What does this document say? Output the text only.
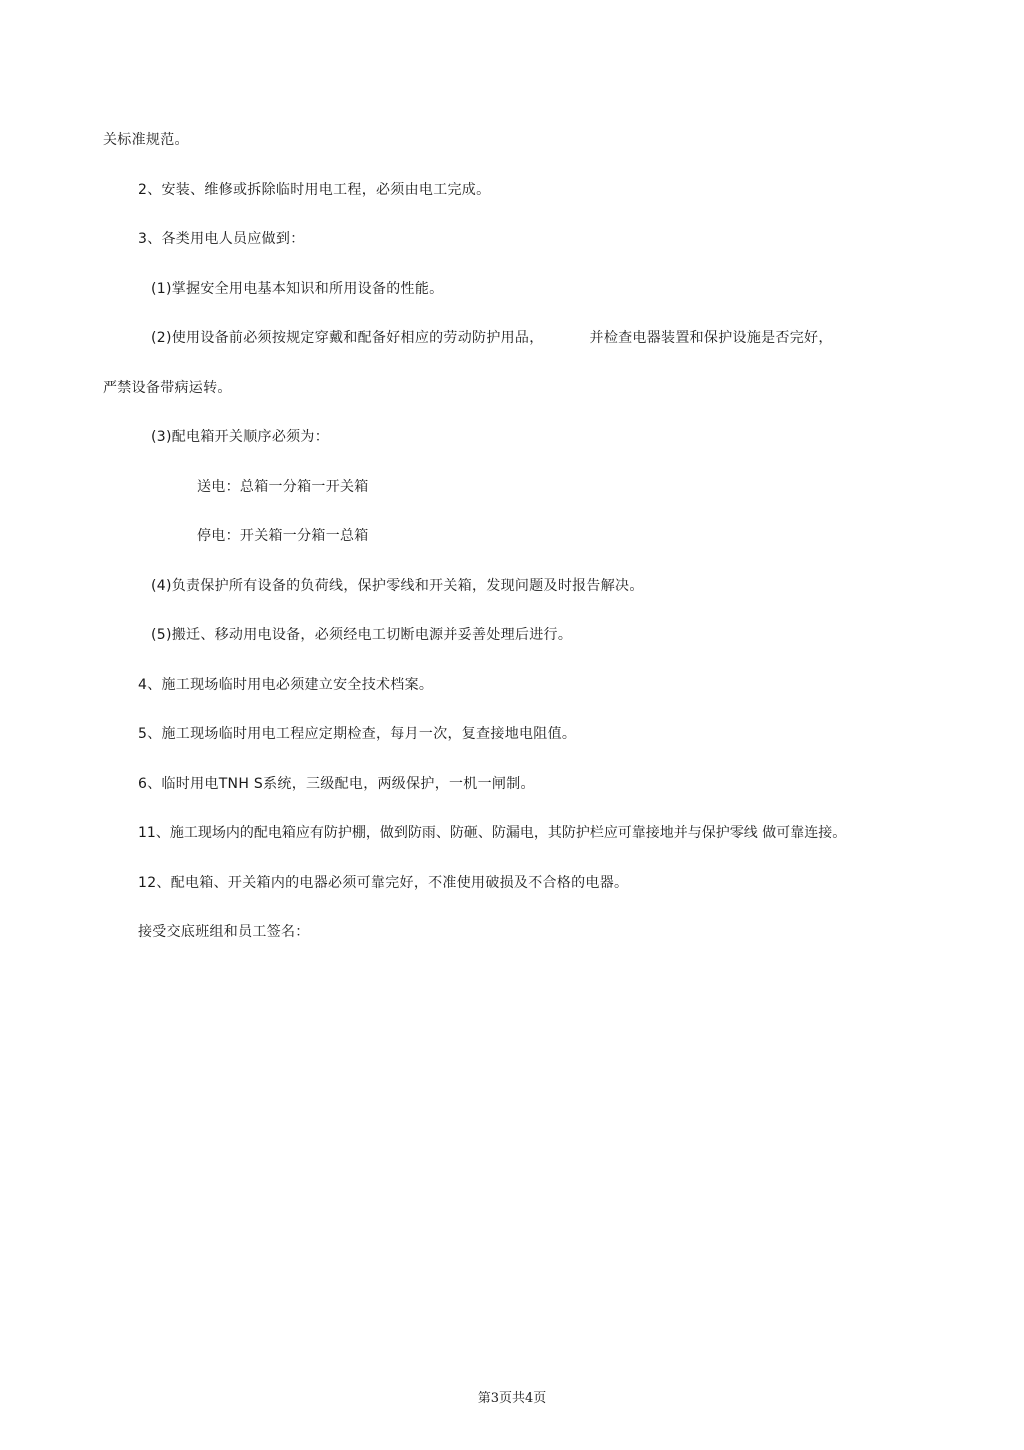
关标准规范。
2、安装、维修或拆除临时用电工程，必须由电工完成。
3、各类用电人员应做到：
(1)掌握安全用电基本知识和所用设备的性能。
(2)使用设备前必须按规定穿戴和配备好相应的劳动防护用品，	并检查电器装置和保护设施是否完好，
严禁设备带病运转。
(3)配电箱开关顺序必须为：
送电：总箱一分箱一开关箱
停电：开关箱一分箱一总箱
(4)负责保护所有设备的负荷线，保护零线和开关箱，发现问题及时报告解决。
(5)搬迁、移动用电设备，必须经电工切断电源并妥善处理后进行。
4、施工现场临时用电必须建立安全技术档案。
5、施工现场临时用电工程应定期检查，每月一次，复查接地电阻值。
6、临时用电TNH S系统，三级配电，两级保护，一机一闸制。
11、施工现场内的配电箱应有防护棚，做到防雨、防砸、防漏电，其防护栏应可靠接地并与保护零线 做可靠连接。
12、配电箱、开关箱内的电器必须可靠完好，不准使用破损及不合格的电器。
接受交底班组和员工签名：
第3页共4页
